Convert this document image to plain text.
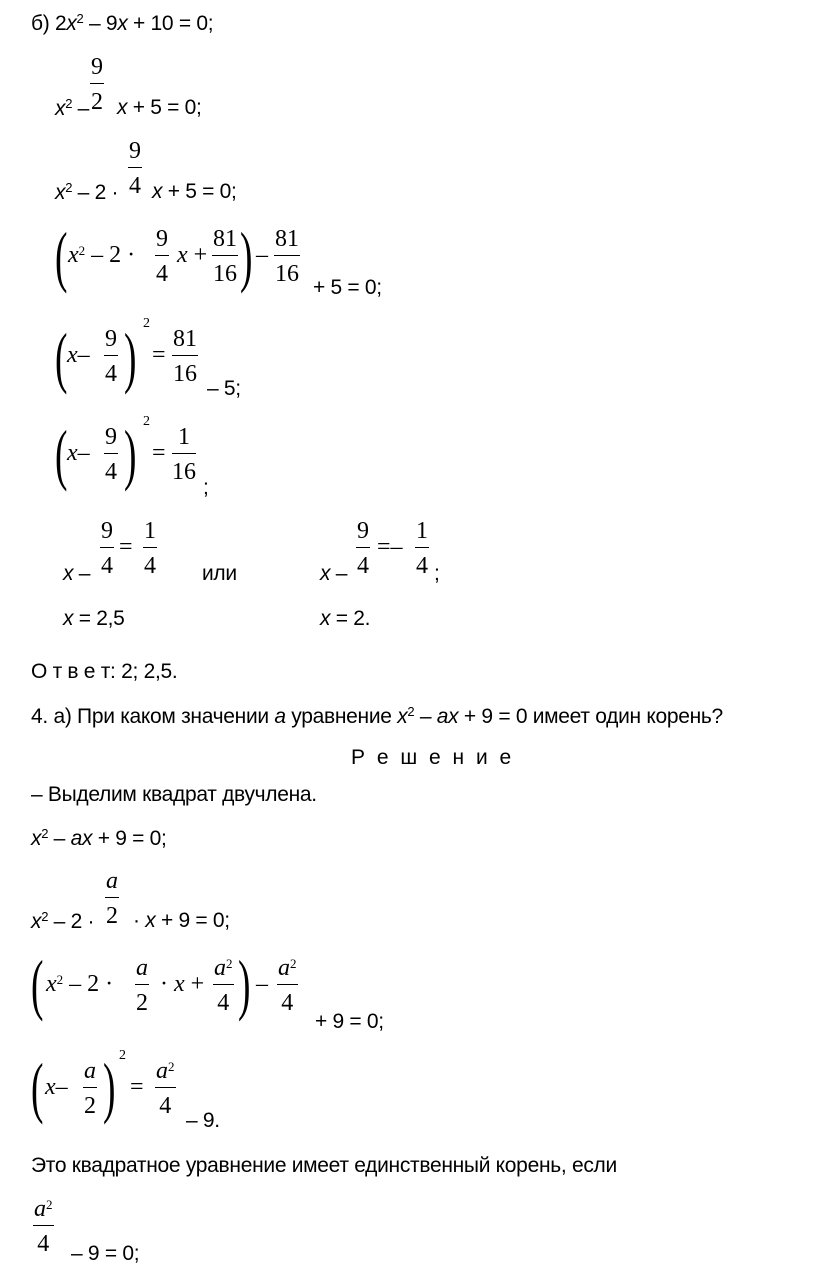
б) $2x^2 - 9x + 10 = 0$;
$x^2$ –
9
2 x + 5 = 0;
$x^2 - 2$ ·
9
4 x + 5 = 0;
( $x^2 - 2$ ·
9
4
x +
81
16 ) –
81
16
+ 5 = 0;
( x–
9
4 ) 2
=
81
16
– 5;
( x–
9
4 ) 2
=
1
16
;
x –
9
4
=
1
4 или	x –
9
4
=–
1
4 ;
x = 2,5	x = 2.
О т в е т: 2; 2,5.
4. а) При каком значении a уравнение $x^2$ – ax + 9 = 0 имеет один корень?
Р е ш е н и е
– Выделим квадрат двучлена.
$x^2$ – ax + 9 = 0;
$x^2 - 2$ ·
a
2 · x + 9 = 0;
( $x^2 - 2$ ·
a
2
· x +
$a^2$
4 ) –
$a^2$
4
+ 9 = 0;
( x–
a
2 ) 2
=
$a^2$
4
– 9.
Это квадратное уравнение имеет единственный корень, если
$a^2$
4 – 9 = 0;
